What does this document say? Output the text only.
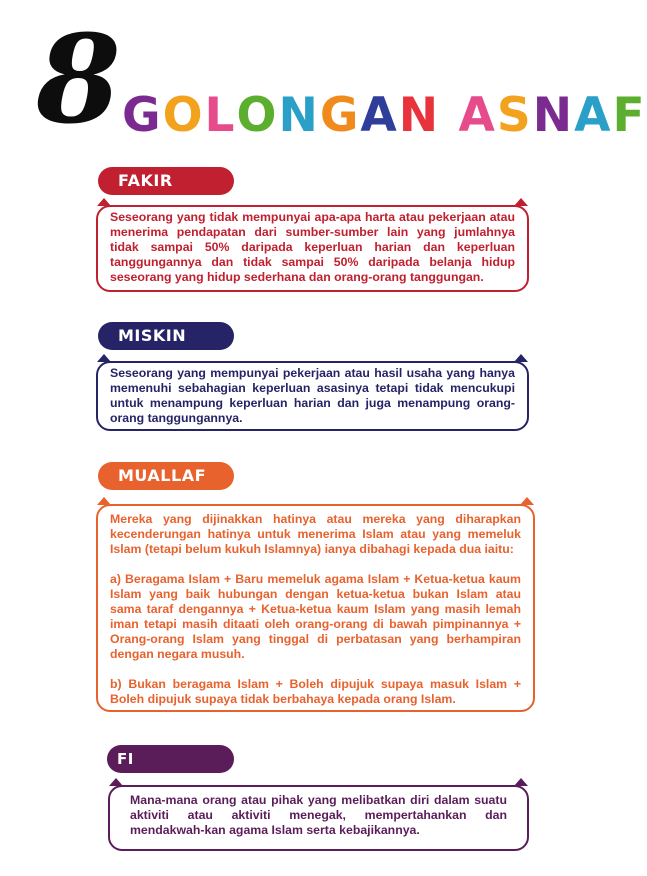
8 GOLONGAN ASNAF
FAKIR

Seseorang yang tidak mempunyai apa-apa harta atau pekerjaan atau menerima pendapatan dari sumber-sumber lain yang jumlahnya tidak sampai 50% daripada keperluan harian dan keperluan tanggungannya dan tidak sampai 50% daripada belanja hidup seseorang yang hidup sederhana dan orang-orang tanggungan.

MISKIN

Seseorang yang mempunyai pekerjaan atau hasil usaha yang hanya memenuhi sebahagian keperluan asasinya tetapi tidak mencukupi untuk menampung keperluan harian dan juga menampung orang-orang tanggungannya.

MUALLAF

Mereka yang dijinakkan hatinya atau mereka yang diharapkan kecenderungan hatinya untuk menerima Islam atau yang memeluk Islam (tetapi belum kukuh Islamnya) ianya dibahagi kepada dua iaitu:

a) Beragama Islam + Baru memeluk agama Islam + Ketua-ketua kaum Islam yang baik hubungan dengan ketua-ketua bukan Islam atau sama taraf dengannya + Ketua-ketua kaum Islam yang masih lemah iman tetapi masih ditaati oleh orang-orang di bawah pimpinannya + Orang-orang Islam yang tinggal di perbatasan yang berhampiran dengan negara musuh.

b) Bukan beragama Islam + Boleh dipujuk supaya masuk Islam + Boleh dipujuk supaya tidak berbahaya kepada orang Islam.

FI SABILILLAH

Mana-mana orang atau pihak yang melibatkan diri dalam suatu aktiviti atau aktiviti menegak, mempertahankan dan mendakwah-kan agama Islam serta kebajikannya.
